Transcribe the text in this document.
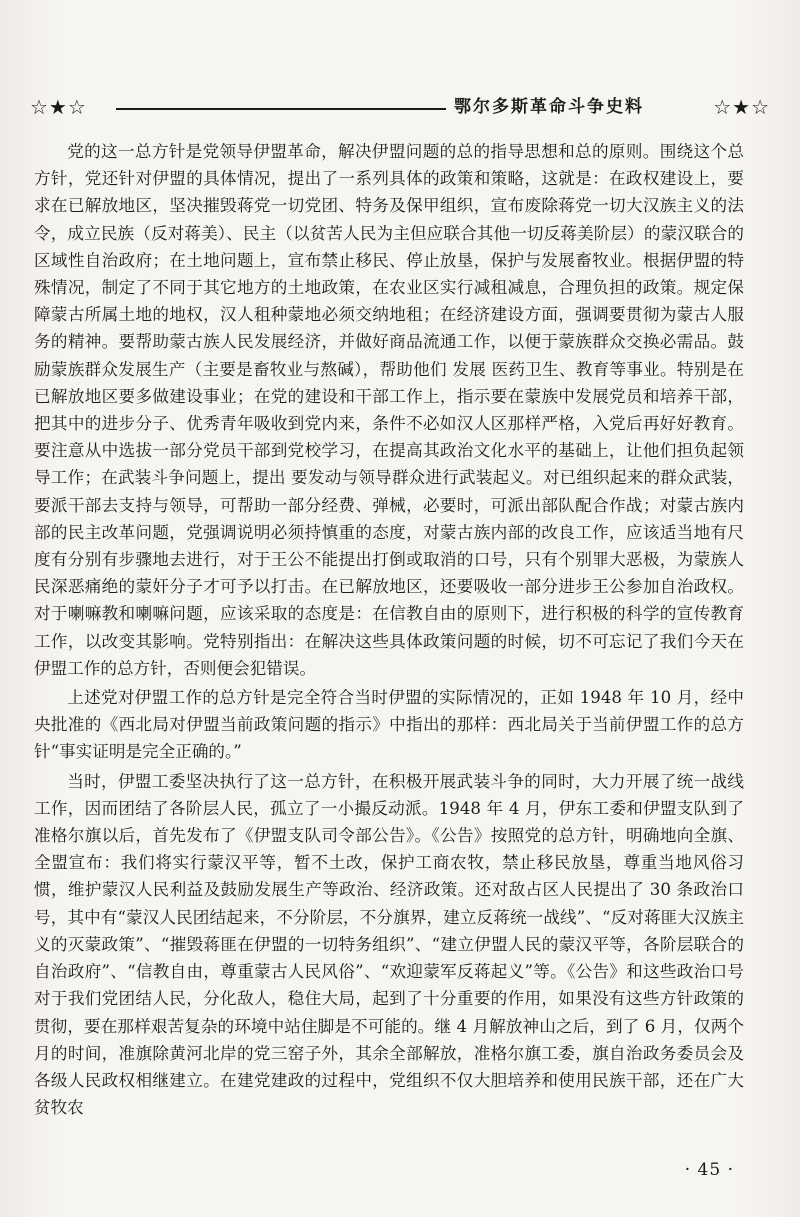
☆★☆	鄂尔多斯革命斗争史料	☆★☆

党的这一总方针是党领导伊盟革命，解决伊盟问题的总的指导思想和总的原则。围绕这个总方针，党还针对伊盟的具体情况，提出了一系列具体的政策和策略，这就是：在政权建设上，要求在已解放地区，坚决摧毁蒋党一切党团、特务及保甲组织，宣布废除蒋党一切大汉族主义的法令，成立民族（反对蒋美）、民主（以贫苦人民为主但应联合其他一切反蒋美阶层）的蒙汉联合的区域性自治政府；在土地问题上，宣布禁止移民、停止放垦，保护与发展畜牧业。根据伊盟的特殊情况，制定了不同于其它地方的土地政策，在农业区实行减租减息，合理负担的政策。规定保障蒙古所属土地的地权，汉人租种蒙地必须交纳地租；在经济建设方面，强调要贯彻为蒙古人服务的精神。要帮助蒙古族人民发展经济，并做好商品流通工作，以便于蒙族群众交换必需品。鼓励蒙族群众发展生产（主要是畜牧业与熬碱），帮助他们 发展 医药卫生、教育等事业。特别是在已解放地区要多做建设事业；在党的建设和干部工作上，指示要在蒙族中发展党员和培养干部，把其中的进步分子、优秀青年吸收到党内来，条件不必如汉人区那样严格，入党后再好好教育。要注意从中选拔一部分党员干部到党校学习，在提高其政治文化水平的基础上，让他们担负起领导工作；在武装斗争问题上，提出 要发动与领导群众进行武装起义。对已组织起来的群众武装，要派干部去支持与领导，可帮助一部分经费、弹械，必要时，可派出部队配合作战；对蒙古族内部的民主改革问题，党强调说明必须持慎重的态度，对蒙古族内部的改良工作，应该适当地有尺度有分别有步骤地去进行，对于王公不能提出打倒或取消的口号，只有个别罪大恶极，为蒙族人民深恶痛绝的蒙奸分子才可予以打击。在已解放地区，还要吸收一部分进步王公参加自治政权。对于喇嘛教和喇嘛问题，应该采取的态度是：在信教自由的原则下，进行积极的科学的宣传教育工作，以改变其影响。党特别指出：在解决这些具体政策问题的时候，切不可忘记了我们今天在伊盟工作的总方针，否则便会犯错误。

上述党对伊盟工作的总方针是完全符合当时伊盟的实际情况的，正如 1948 年 10 月，经中央批准的《西北局对伊盟当前政策问题的指示》中指出的那样：西北局关于当前伊盟工作的总方针“事实证明是完全正确的。”

当时，伊盟工委坚决执行了这一总方针，在积极开展武装斗争的同时，大力开展了统一战线工作，因而团结了各阶层人民，孤立了一小撮反动派。1948 年 4 月，伊东工委和伊盟支队到了准格尔旗以后，首先发布了《伊盟支队司令部公告》。《公告》按照党的总方针，明确地向全旗、全盟宣布：我们将实行蒙汉平等，暂不土改，保护工商农牧，禁止移民放垦，尊重当地风俗习惯，维护蒙汉人民利益及鼓励发展生产等政治、经济政策。还对敌占区人民提出了 30 条政治口号，其中有“蒙汉人民团结起来，不分阶层，不分旗界，建立反蒋统一战线”、“反对蒋匪大汉族主义的灭蒙政策”、“摧毁蒋匪在伊盟的一切特务组织”、“建立伊盟人民的蒙汉平等，各阶层联合的自治政府”、“信教自由，尊重蒙古人民风俗”、“欢迎蒙军反蒋起义”等。《公告》和这些政治口号对于我们党团结人民，分化敌人，稳住大局，起到了十分重要的作用，如果没有这些方针政策的贯彻，要在那样艰苦复杂的环境中站住脚是不可能的。继 4 月解放神山之后，到了 6 月，仅两个月的时间，准旗除黄河北岸的党三窑子外，其余全部解放，准格尔旗工委，旗自治政务委员会及各级人民政权相继建立。在建党建政的过程中，党组织不仅大胆培养和使用民族干部，还在广大贫牧农

· 45 ·
